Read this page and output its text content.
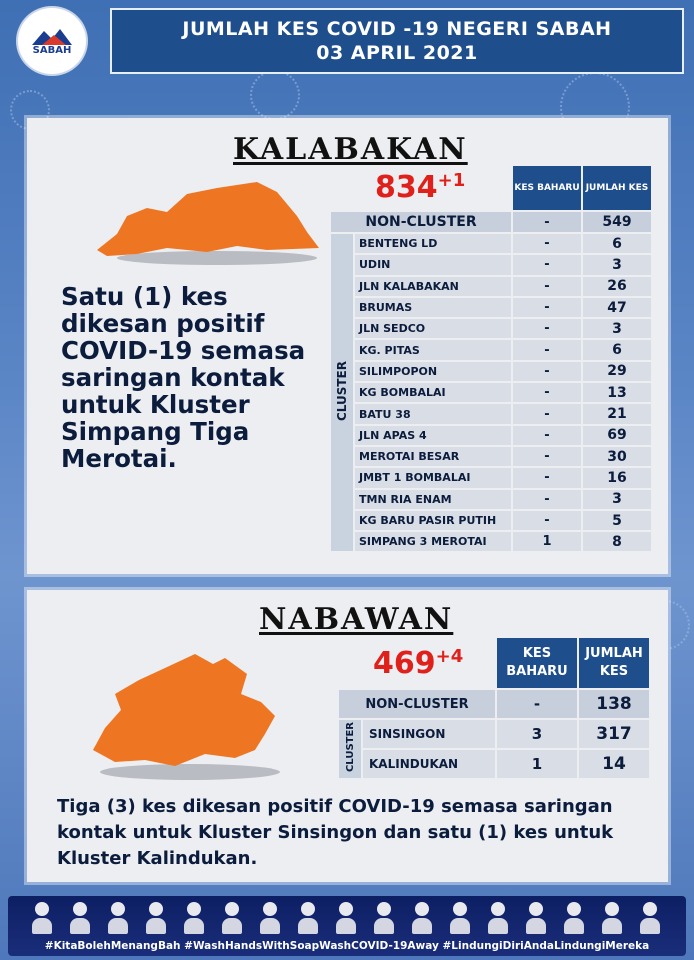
SABAH
JUMLAH KES COVID -19 NEGERI SABAH
03 APRIL 2021
KALABAKAN
$834^{+1}$
Satu (1) kes dikesan positif COVID-19 semasa saringan kontak untuk Kluster Simpang Tiga Merotai.
		KES BAHARU	JUMLAH KES
NON-CLUSTER		-	549
CLUSTER	BENTENG LD	-	6
	UDIN	-	3
	JLN KALABAKAN	-	26
	BRUMAS	-	47
	JLN SEDCO	-	3
	KG. PITAS	-	6
	SILIMPOPON	-	29
	KG BOMBALAI	-	13
	BATU 38	-	21
	JLN APAS 4	-	69
	MEROTAI BESAR	-	30
	JMBT 1 BOMBALAI	-	16
	TMN RIA ENAM	-	3
	KG BARU PASIR PUTIH	-	5
	SIMPANG 3 MEROTAI	1	8
NABAWAN
$469^{+4}$
		KES BAHARU	JUMLAH KES
NON-CLUSTER		-	138
CLUSTER	SINSINGON	3	317
	KALINDUKAN	1	14
Tiga (3) kes dikesan positif COVID-19 semasa saringan kontak untuk Kluster Sinsingon dan satu (1) kes untuk Kluster Kalindukan.
#KitaBolehMenangBah #WashHandsWithSoapWashCOVID-19Away #LindungiDiriAndaLindungiMereka
